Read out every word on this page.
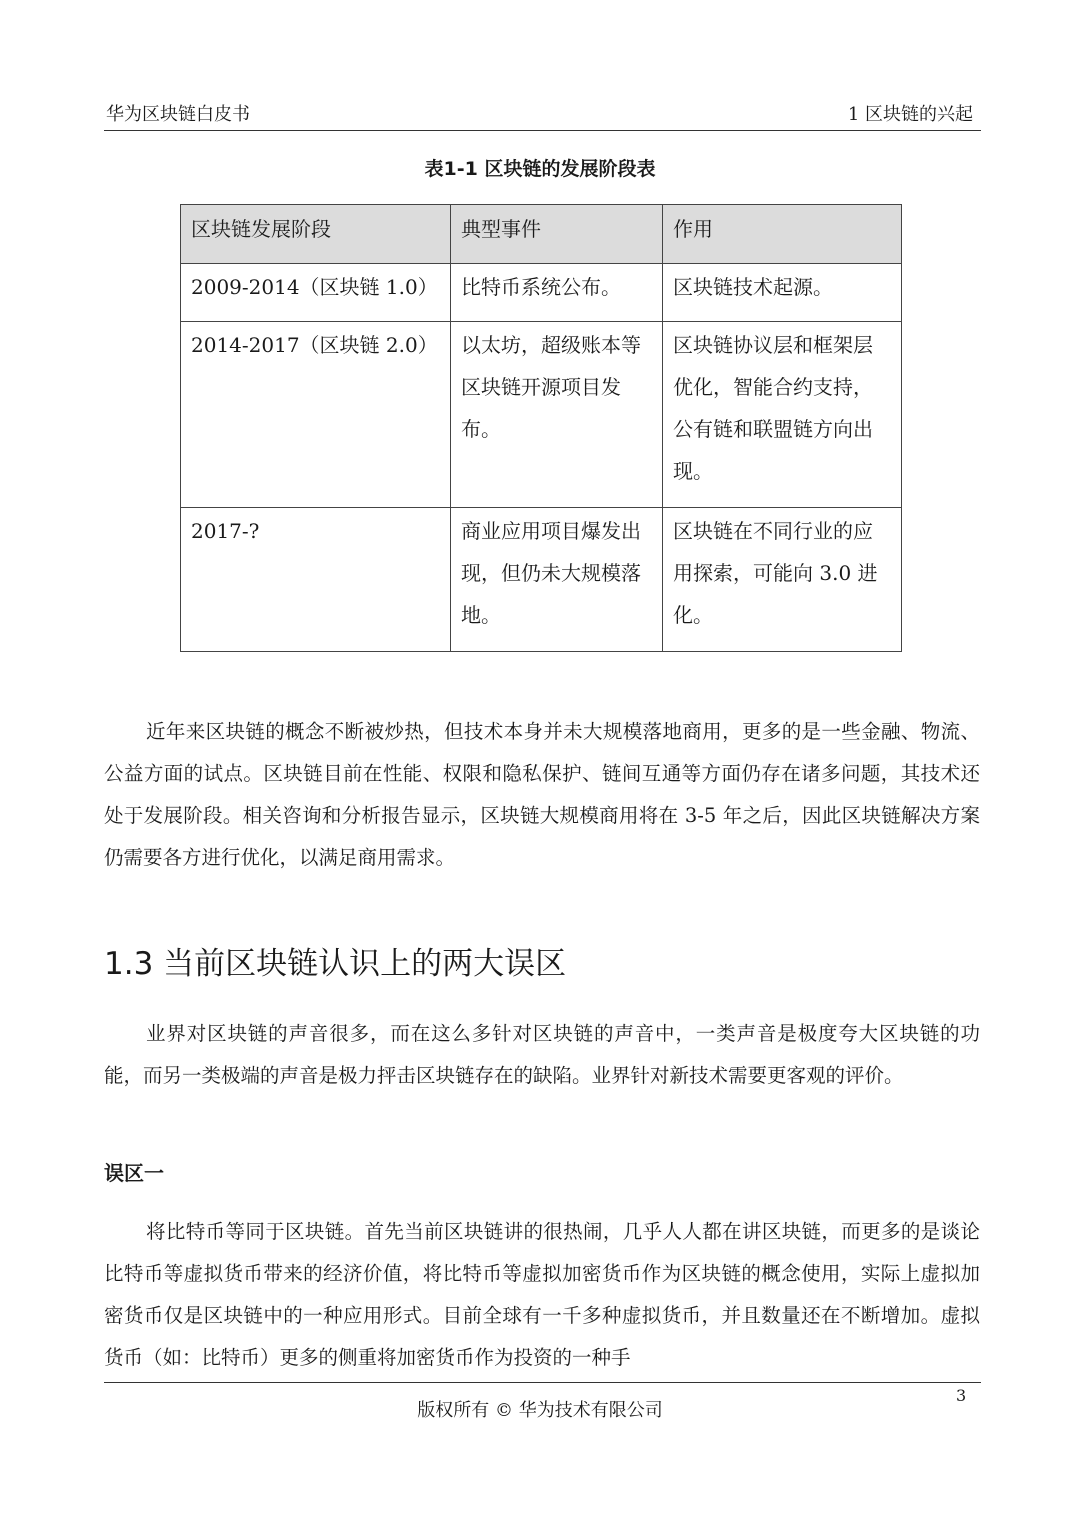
华为区块链白皮书	1 区块链的兴起
表1-1 区块链的发展阶段表
区块链发展阶段	典型事件	作用
2009-2014（区块链 1.0）	比特币系统公布。	区块链技术起源。
2014-2017（区块链 2.0）	以太坊，超级账本等区块链开源项目发布。	区块链协议层和框架层优化，智能合约支持，公有链和联盟链方向出现。
2017-?	商业应用项目爆发出现，但仍未大规模落地。	区块链在不同行业的应用探索，可能向 3.0 进化。

近年来区块链的概念不断被炒热，但技术本身并未大规模落地商用，更多的是一些金融、物流、公益方面的试点。区块链目前在性能、权限和隐私保护、链间互通等方面仍存在诸多问题，其技术还处于发展阶段。相关咨询和分析报告显示，区块链大规模商用将在 3-5 年之后，因此区块链解决方案仍需要各方进行优化，以满足商用需求。

1.3 当前区块链认识上的两大误区

业界对区块链的声音很多，而在这么多针对区块链的声音中，一类声音是极度夸大区块链的功能，而另一类极端的声音是极力抨击区块链存在的缺陷。业界针对新技术需要更客观的评价。

误区一

将比特币等同于区块链。首先当前区块链讲的很热闹，几乎人人都在讲区块链，而更多的是谈论比特币等虚拟货币带来的经济价值，将比特币等虚拟加密货币作为区块链的概念使用，实际上虚拟加密货币仅是区块链中的一种应用形式。目前全球有一千多种虚拟货币，并且数量还在不断增加。虚拟货币（如：比特币）更多的侧重将加密货币作为投资的一种手

3
版权所有 © 华为技术有限公司
